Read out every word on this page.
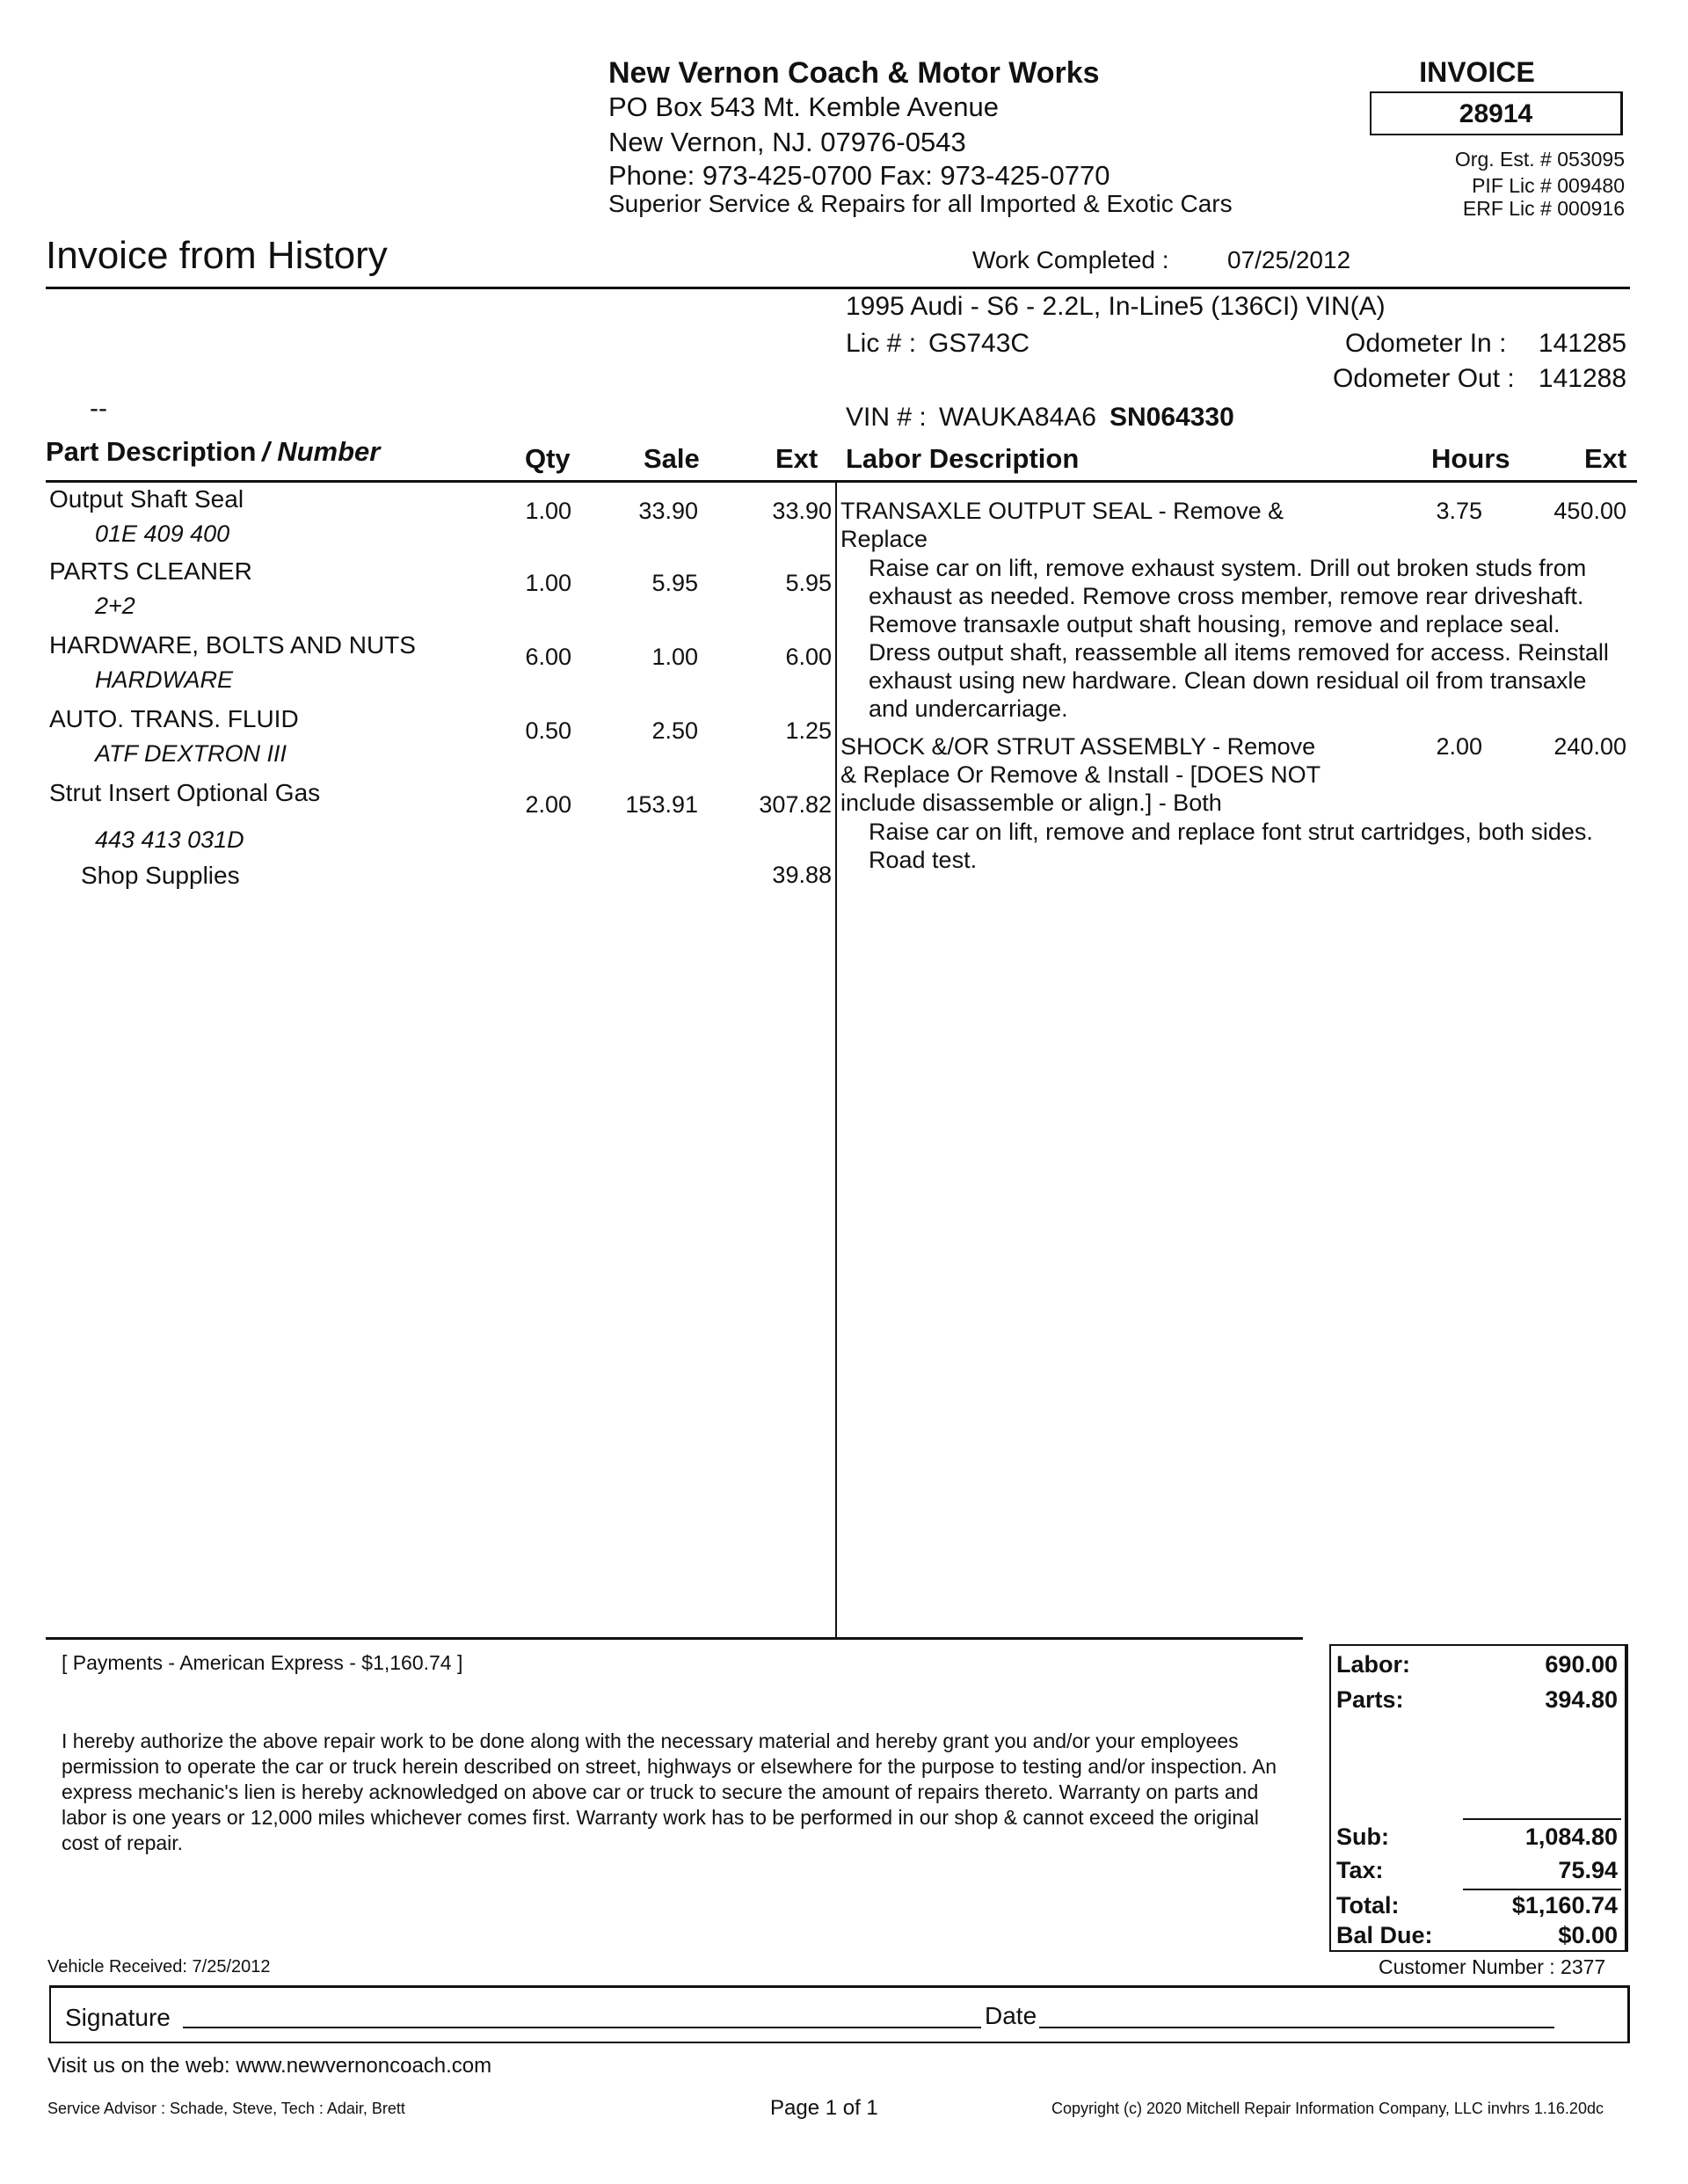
New Vernon Coach & Motor Works
PO Box 543 Mt. Kemble Avenue
New Vernon, NJ. 07976-0543
Phone: 973-425-0700 Fax: 973-425-0770
Superior Service & Repairs for all Imported & Exotic Cars
INVOICE
28914
Org. Est. # 053095
PIF Lic # 009480
ERF Lic # 000916
Invoice from History	Work Completed : 07/25/2012
1995 Audi - S6 - 2.2L, In-Line5 (136CI) VIN(A)
Lic # : GS743C	Odometer In :	141285
Odometer Out : 141288
--	VIN # : WAUKA84A6 SN064330
Part Description / Number	Qty	Sale	Ext Labor Description	Hours	Ext
Output Shaft Seal
01E 409 400
1.00	33.90	33.90
PARTS CLEANER
2+2
1.00	5.95	5.95
HARDWARE, BOLTS AND NUTS
HARDWARE
6.00	1.00	6.00
AUTO. TRANS. FLUID
ATF DEXTRON III
0.50	2.50	1.25
Strut Insert Optional Gas
443 413 031D
2.00	153.91	307.82
Shop Supplies	39.88
TRANSAXLE OUTPUT SEAL - Remove &
Replace
3.75	450.00
Raise car on lift, remove exhaust system. Drill out broken studs from exhaust as needed. Remove cross member, remove rear driveshaft. Remove transaxle output shaft housing, remove and replace seal. Dress output shaft, reassemble all items removed for access. Reinstall exhaust using new hardware. Clean down residual oil from transaxle and undercarriage.
SHOCK &/OR STRUT ASSEMBLY - Remove
& Replace Or Remove & Install - [DOES NOT
include disassemble or align.] - Both
2.00	240.00
Raise car on lift, remove and replace font strut cartridges, both sides. Road test.
[ Payments - American Express - $1,160.74 ]
I hereby authorize the above repair work to be done along with the necessary material and hereby grant you and/or your employees permission to operate the car or truck herein described on street, highways or elsewhere for the purpose to testing and/or inspection. An express mechanic's lien is hereby acknowledged on above car or truck to secure the amount of repairs thereto. Warranty on parts and labor is one years or 12,000 miles whichever comes first. Warranty work has to be performed in our shop & cannot exceed the original cost of repair.
Labor:	690.00
Parts:	394.80
Sub:	1,084.80
Tax:	75.94
Total:	$1,160.74
Bal Due:	$0.00
Vehicle Received: 7/25/2012	Customer Number : 2377
Signature	Date
Visit us on the web: www.newvernoncoach.com
Service Advisor : Schade, Steve, Tech : Adair, Brett	Page 1 of 1	Copyright (c) 2020 Mitchell Repair Information Company, LLC invhrs 1.16.20dc
